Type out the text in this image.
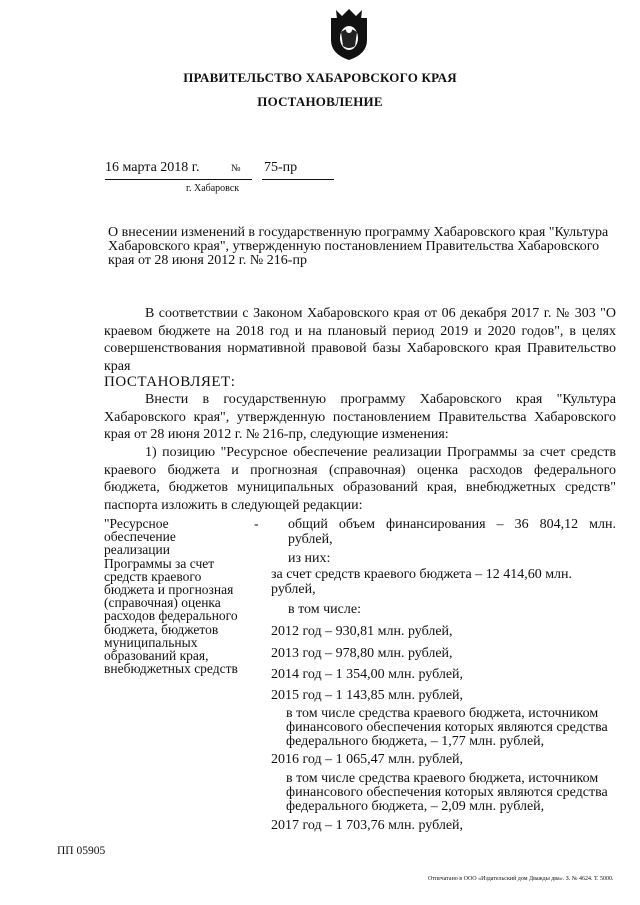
ПРАВИТЕЛЬСТВО ХАБАРОВСКОГО КРАЯ
ПОСТАНОВЛЕНИЕ
16 марта 2018 г.	№ 75-пр
г. Хабаровск
О внесении изменений в государственную программу Хабаровского края "Культура Хабаровского края", утвержденную постановлением Правительства Хабаровского края от 28 июня 2012 г. № 216-пр
В соответствии с Законом Хабаровского края от 06 декабря 2017 г. № 303 "О краевом бюджете на 2018 год и на плановый период 2019 и 2020 годов", в целях совершенствования нормативной правовой базы Хабаровского края Правительство края
ПОСТАНОВЛЯЕТ:
Внести в государственную программу Хабаровского края "Культура Хабаровского края", утвержденную постановлением Правительства Хабаровского края от 28 июня 2012 г. № 216-пр, следующие изменения:
1) позицию "Ресурсное обеспечение реализации Программы за счет средств краевого бюджета и прогнозная (справочная) оценка расходов федерального бюджета, бюджетов муниципальных образований края, внебюджетных средств" паспорта изложить в следующей редакции:
"Ресурсное обеспечение реализации Программы за счет средств краевого бюджета и прогнозная (справочная) оценка расходов федерального бюджета, бюджетов муниципальных образований края, внебюджетных средств
- общий объем финансирования – 36 804,12 млн. рублей,
из них:
за счет средств краевого бюджета – 12 414,60 млн. рублей,
в том числе:
2012 год – 930,81 млн. рублей,
2013 год – 978,80 млн. рублей,
2014 год – 1 354,00 млн. рублей,
2015 год – 1 143,85 млн. рублей,
в том числе средства краевого бюджета, источником финансового обеспечения которых являются средства федерального бюджета, – 1,77 млн. рублей,
2016 год – 1 065,47 млн. рублей,
в том числе средства краевого бюджета, источником финансового обеспечения которых являются средства федерального бюджета, – 2,09 млн. рублей,
2017 год – 1 703,76 млн. рублей,
ПП 05905
Отпечатано в ООО «Издательский дом Дважды два». З. № 4624. Т. 5000.
